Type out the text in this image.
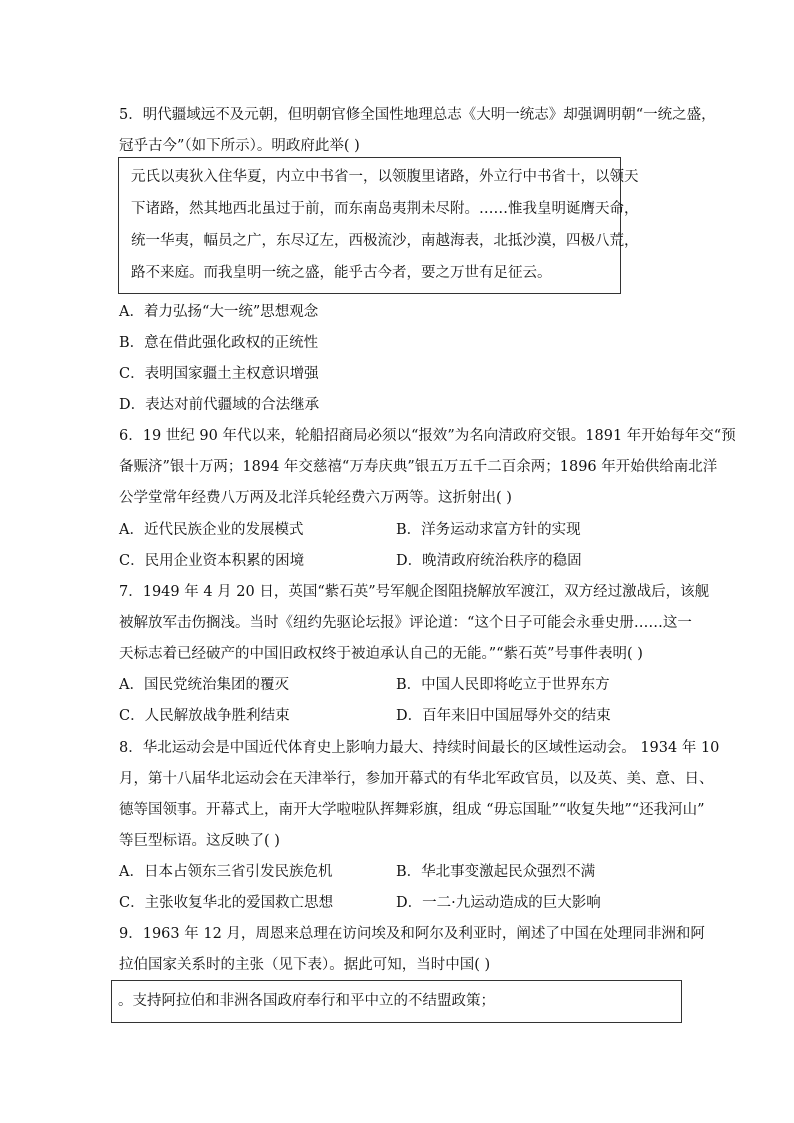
5．明代疆域远不及元朝，但明朝官修全国性地理总志《大明一统志》却强调明朝“一统之盛，
冠乎古今”（如下所示）。明政府此举( )
元氏以夷狄入住华夏，内立中书省一，以领腹里诸路，外立行中书省十，以领天
下诸路，然其地西北虽过于前，而东南岛夷荆未尽附。……惟我皇明诞膺天命，
统一华夷，幅员之广，东尽辽左，西极流沙，南越海表，北抵沙漠，四极八荒，
路不来庭。而我皇明一统之盛，能乎古今者，要之万世有足征云。
A．着力弘扬“大一统”思想观念
B．意在借此强化政权的正统性
C．表明国家疆土主权意识增强
D．表达对前代疆域的合法继承
6．19 世纪 90 年代以来，轮船招商局必须以“报效”为名向清政府交银。1891 年开始每年交“预
备赈济”银十万两；1894 年交慈禧“万寿庆典”银五万五千二百余两；1896 年开始供给南北洋
公学堂常年经费八万两及北洋兵轮经费六万两等。这折射出( )
A．近代民族企业的发展模式	B．洋务运动求富方针的实现
C．民用企业资本积累的困境	D．晚清政府统治秩序的稳固
7．1949 年 4 月 20 日，英国“紫石英”号军舰企图阻挠解放军渡江，双方经过激战后，该舰
被解放军击伤搁浅。当时《纽约先驱论坛报》评论道：“这个日子可能会永垂史册……这一
天标志着已经破产的中国旧政权终于被迫承认自己的无能。”“紫石英”号事件表明( )
A．国民党统治集团的覆灭	B．中国人民即将屹立于世界东方
C．人民解放战争胜利结束	D．百年来旧中国屈辱外交的结束
8．华北运动会是中国近代体育史上影响力最大、持续时间最长的区域性运动会。 1934 年 10
月，第十八届华北运动会在天津举行，参加开幕式的有华北军政官员，以及英、美、意、日、
德等国领事。开幕式上，南开大学啦啦队挥舞彩旗，组成 “毋忘国耻”“收复失地”“还我河山”
等巨型标语。这反映了( )
A．日本占领东三省引发民族危机	B．华北事变激起民众强烈不满
C．主张收复华北的爱国救亡思想	D．一二·九运动造成的巨大影响
9．1963 年 12 月，周恩来总理在访问埃及和阿尔及利亚时，阐述了中国在处理同非洲和阿
拉伯国家关系时的主张（见下表）。据此可知，当时中国( )
。支持阿拉伯和非洲各国政府奉行和平中立的不结盟政策；
